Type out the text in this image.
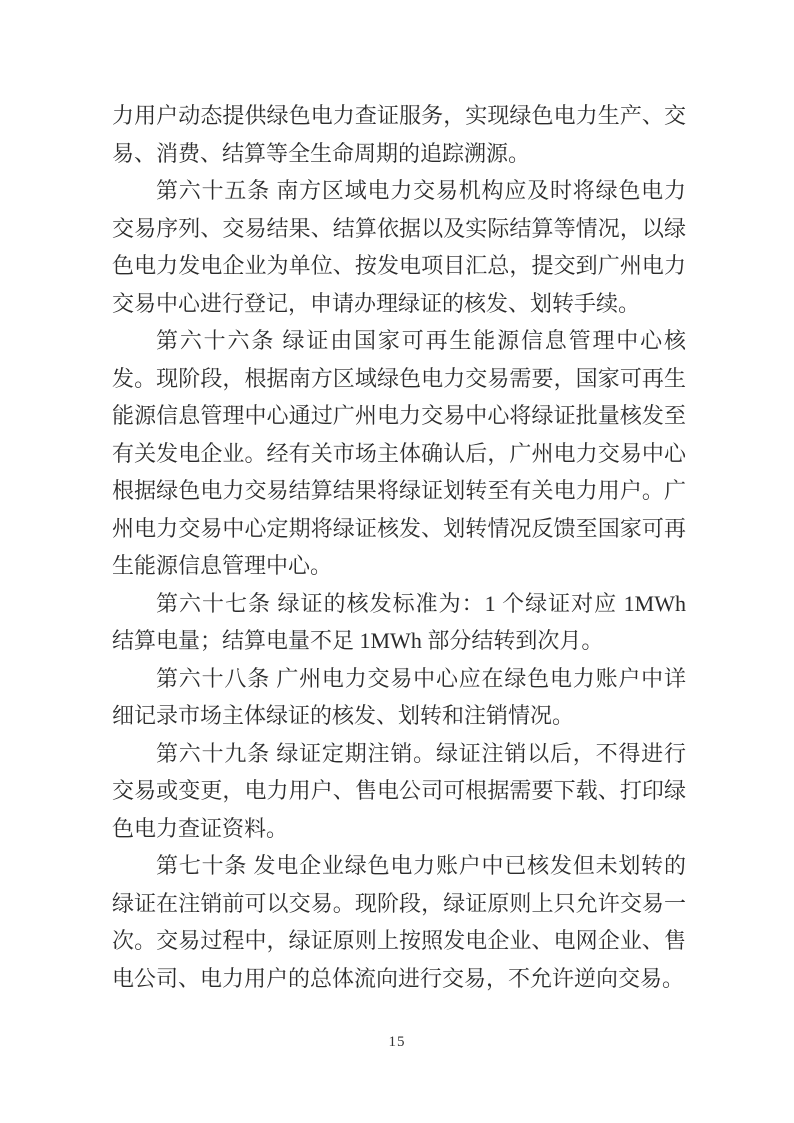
力用户动态提供绿色电力查证服务，实现绿色电力生产、交易、消费、结算等全生命周期的追踪溯源。

第六十五条 南方区域电力交易机构应及时将绿色电力交易序列、交易结果、结算依据以及实际结算等情况，以绿色电力发电企业为单位、按发电项目汇总，提交到广州电力交易中心进行登记，申请办理绿证的核发、划转手续。

第六十六条 绿证由国家可再生能源信息管理中心核发。现阶段，根据南方区域绿色电力交易需要，国家可再生能源信息管理中心通过广州电力交易中心将绿证批量核发至有关发电企业。经有关市场主体确认后，广州电力交易中心根据绿色电力交易结算结果将绿证划转至有关电力用户。广州电力交易中心定期将绿证核发、划转情况反馈至国家可再生能源信息管理中心。

第六十七条 绿证的核发标准为：1 个绿证对应 1MWh 结算电量；结算电量不足 1MWh 部分结转到次月。

第六十八条 广州电力交易中心应在绿色电力账户中详细记录市场主体绿证的核发、划转和注销情况。

第六十九条 绿证定期注销。绿证注销以后，不得进行交易或变更，电力用户、售电公司可根据需要下载、打印绿色电力查证资料。

第七十条 发电企业绿色电力账户中已核发但未划转的绿证在注销前可以交易。现阶段，绿证原则上只允许交易一次。交易过程中，绿证原则上按照发电企业、电网企业、售电公司、电力用户的总体流向进行交易，不允许逆向交易。

15
